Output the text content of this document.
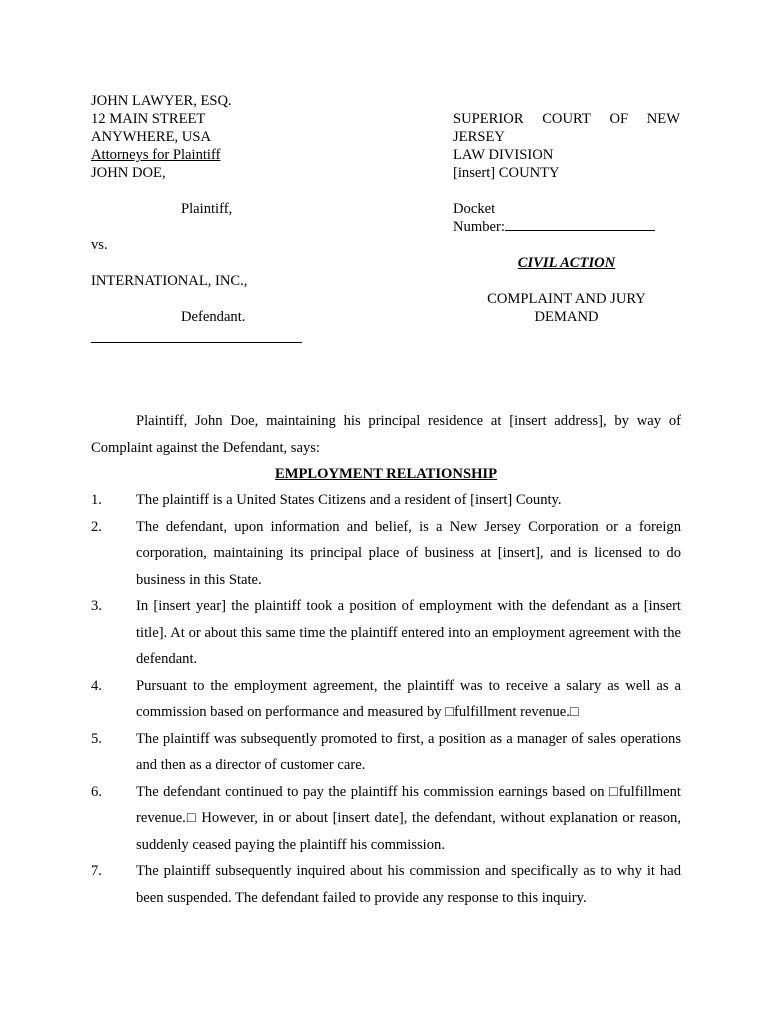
JOHN LAWYER, ESQ.
12 MAIN STREET
ANYWHERE, USA
Attorneys for Plaintiff
JOHN DOE,
Plaintiff,
vs.
INTERNATIONAL, INC.,
Defendant.
SUPERIOR COURT OF NEW
JERSEY
LAW DIVISION
[insert] COUNTY
Docket
Number:
CIVIL ACTION
COMPLAINT AND JURY
DEMAND
Plaintiff, John Doe, maintaining his principal residence at [insert address], by way of Complaint against the Defendant, says:
EMPLOYMENT RELATIONSHIP
1.	The plaintiff is a United States Citizens and a resident of [insert] County.
2.	The defendant, upon information and belief, is a New Jersey Corporation or a foreign corporation, maintaining its principal place of business at [insert], and is licensed to do business in this State.
3.	In [insert year] the plaintiff took a position of employment with the defendant as a [insert title]. At or about this same time the plaintiff entered into an employment agreement with the defendant.
4.	Pursuant to the employment agreement, the plaintiff was to receive a salary as well as a commission based on performance and measured by □fulfillment revenue.□
5.	The plaintiff was subsequently promoted to first, a position as a manager of sales operations and then as a director of customer care.
6.	The defendant continued to pay the plaintiff his commission earnings based on □fulfillment revenue.□ However, in or about [insert date], the defendant, without explanation or reason, suddenly ceased paying the plaintiff his commission.
7.	The plaintiff subsequently inquired about his commission and specifically as to why it had been suspended. The defendant failed to provide any response to this inquiry.
